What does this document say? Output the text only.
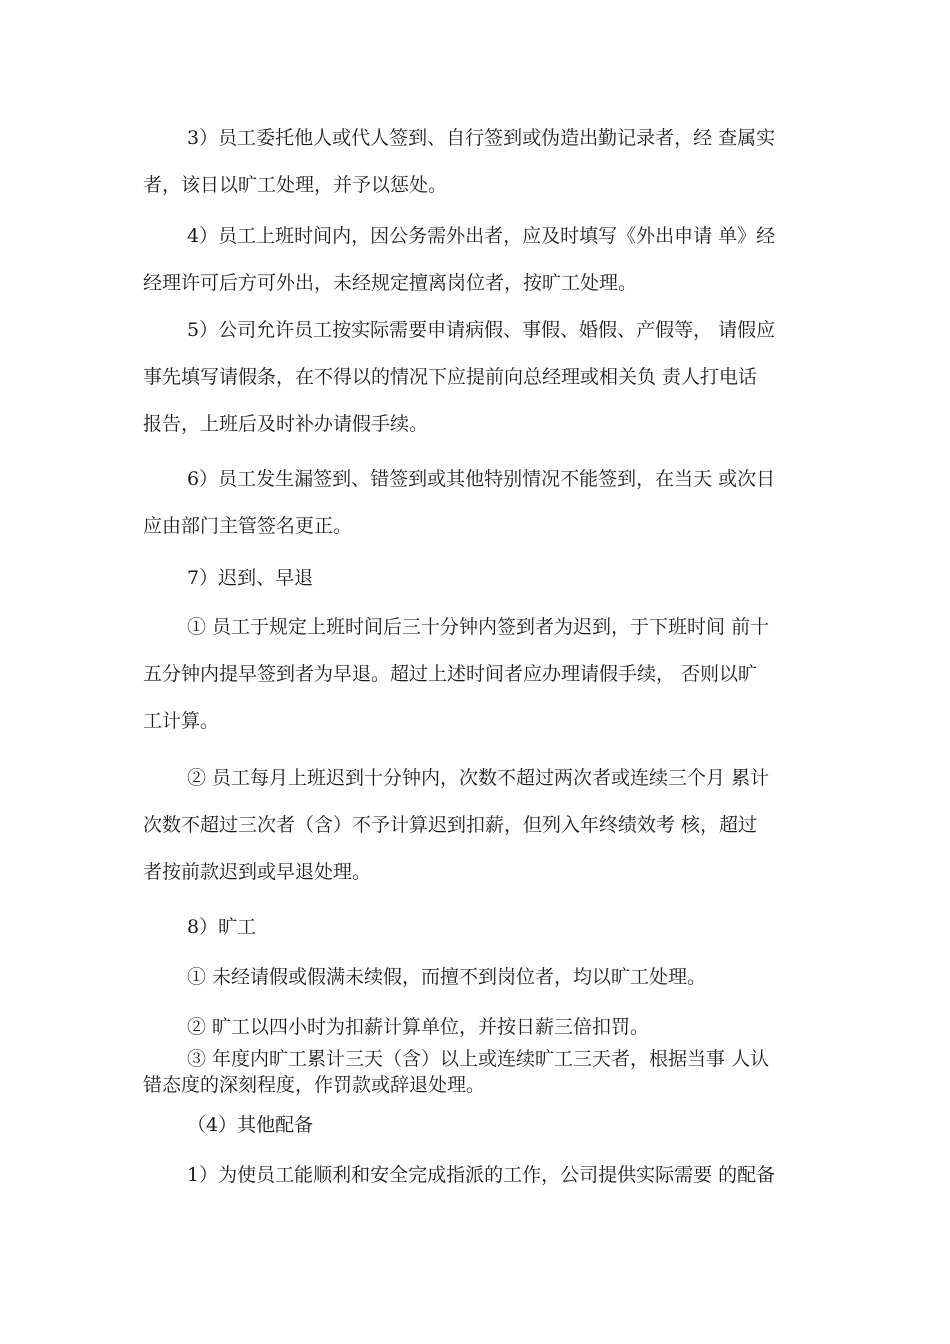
3）员工委托他人或代人签到、自行签到或伪造出勤记录者，经 查属实
者，该日以旷工处理，并予以惩处。
4）员工上班时间内，因公务需外出者，应及时填写《外出申请 单》经
经理许可后方可外出，未经规定擅离岗位者，按旷工处理。
5）公司允许员工按实际需要申请病假、事假、婚假、产假等， 请假应
事先填写请假条，在不得以的情况下应提前向总经理或相关负 责人打电话
报告，上班后及时补办请假手续。
6）员工发生漏签到、错签到或其他特别情况不能签到，在当天 或次日
应由部门主管签名更正。
7）迟到、早退
① 员工于规定上班时间后三十分钟内签到者为迟到，于下班时间 前十
五分钟内提早签到者为早退。超过上述时间者应办理请假手续， 否则以旷
工计算。
② 员工每月上班迟到十分钟内，次数不超过两次者或连续三个月 累计
次数不超过三次者（含）不予计算迟到扣薪，但列入年终绩效考 核，超过
者按前款迟到或早退处理。
8）旷工
① 未经请假或假满未续假，而擅不到岗位者，均以旷工处理。
② 旷工以四小时为扣薪计算单位，并按日薪三倍扣罚。
③ 年度内旷工累计三天（含）以上或连续旷工三天者，根据当事 人认
错态度的深刻程度，作罚款或辞退处理。
（4）其他配备
1）为使员工能顺利和安全完成指派的工作，公司提供实际需要 的配备
